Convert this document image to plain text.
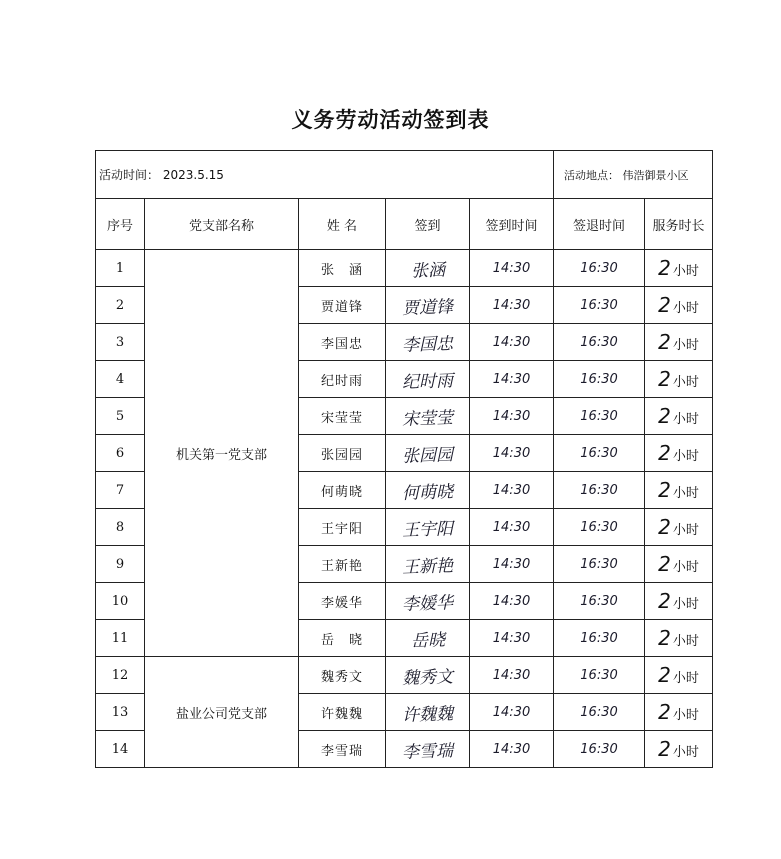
义务劳动活动签到表
活动时间： 2023.5.15					活动地点： 伟浩御景小区	
序号	党支部名称	姓 名	签到	签到时间	签退时间	服务时长
1	机关第一党支部	张　涵	张涵	14:30	16:30	2 小时
2		贾道锋	贾道锋	14:30	16:30	2 小时
3		李国忠	李国忠	14:30	16:30	2 小时
4		纪时雨	纪时雨	14:30	16:30	2 小时
5		宋莹莹	宋莹莹	14:30	16:30	2 小时
6		张园园	张园园	14:30	16:30	2 小时
7		何萌晓	何萌晓	14:30	16:30	2 小时
8		王宇阳	王宇阳	14:30	16:30	2 小时
9		王新艳	王新艳	14:30	16:30	2 小时
10		李媛华	李媛华	14:30	16:30	2 小时
11		岳　晓	岳晓	14:30	16:30	2 小时
12	盐业公司党支部	魏秀文	魏秀文	14:30	16:30	2 小时
13		许魏魏	许魏魏	14:30	16:30	2 小时
14		李雪瑞	李雪瑞	14:30	16:30	2 小时
